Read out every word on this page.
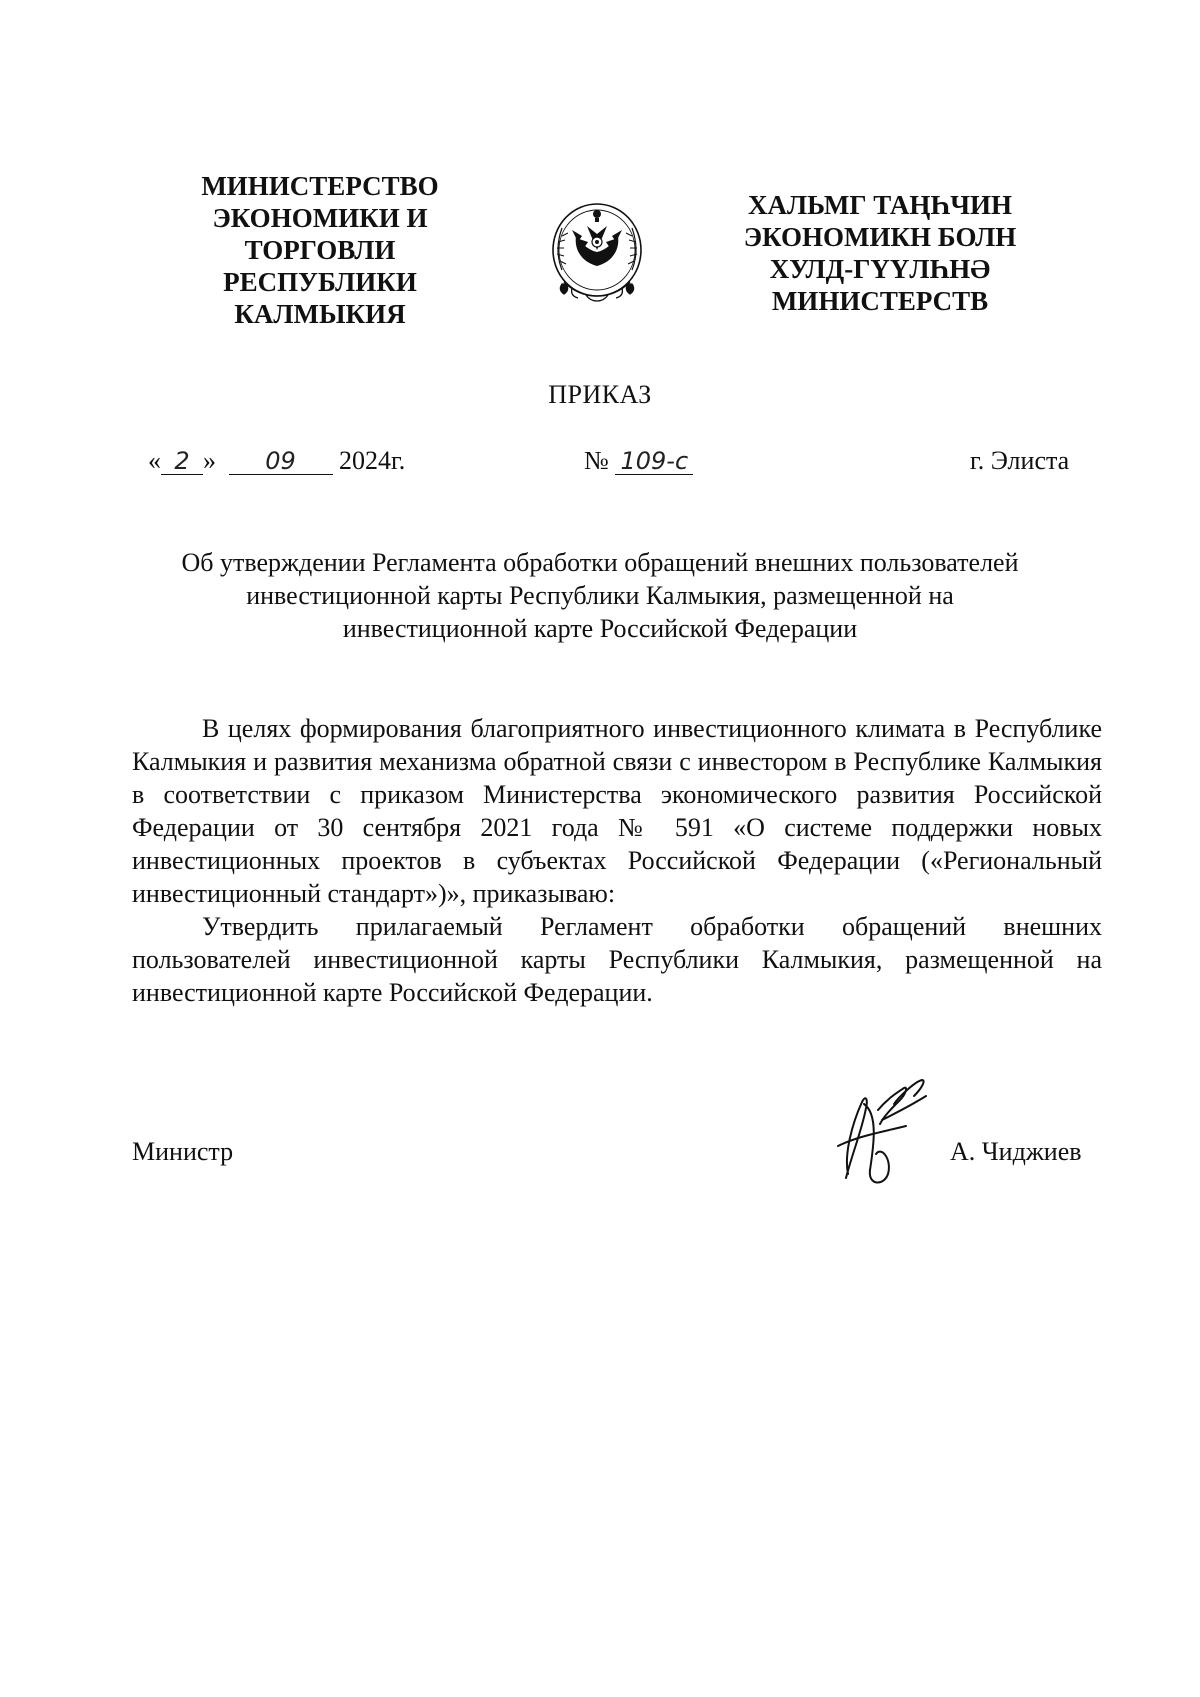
МИНИСТЕРСТВО
ЭКОНОМИКИ И
ТОРГОВЛИ
РЕСПУБЛИКИ
КАЛМЫКИЯ
ХАЛЬМГ ТАҢҺЧИН
ЭКОНОМИКН БОЛН
ХУЛД-ГҮҮЛҺНӘ
МИНИСТЕРСТВ
ПРИКАЗ
« 2 » 09 2024г.	№ 109-с	г. Элиста
Об утверждении Регламента обработки обращений внешних пользователей
инвестиционной карты Республики Калмыкия, размещенной на
инвестиционной карте Российской Федерации

В целях формирования благоприятного инвестиционного климата в Республике Калмыкия и развития механизма обратной связи с инвестором в Республике Калмыкия в соответствии с приказом Министерства экономического развития Российской Федерации от 30 сентября 2021 года № 591 «О системе поддержки новых инвестиционных проектов в субъектах Российской Федерации («Региональный инвестиционный стандарт»)», приказываю:

Утвердить прилагаемый Регламент обработки обращений внешних пользователей инвестиционной карты Республики Калмыкия, размещенной на инвестиционной карте Российской Федерации.

Министр	А. Чиджиев
